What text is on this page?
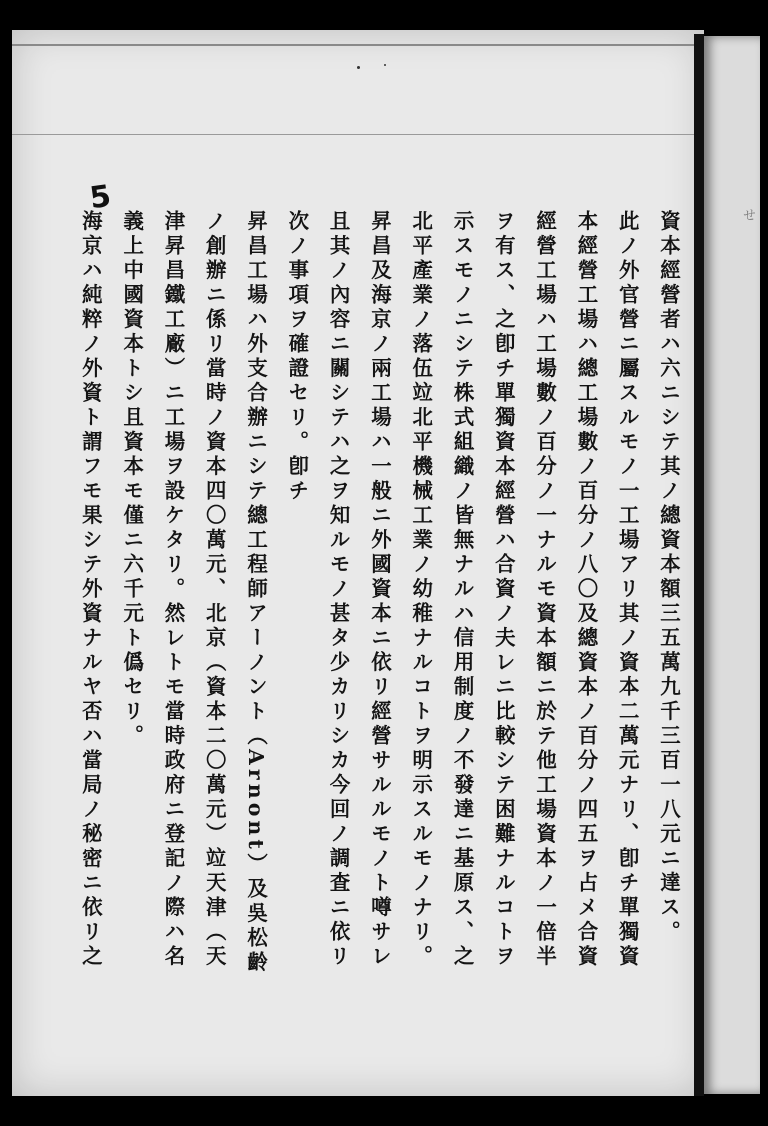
5
資本經營者ハ六ニシテ其ノ總資本額三五萬九千三百一八元ニ達ス。
此ノ外官營ニ屬スルモノ一工場アリ其ノ資本二萬元ナリ、卽チ單獨資
本經營工場ハ總工場數ノ百分ノ八〇及總資本ノ百分ノ四五ヲ占メ合資
經營工場ハ工場數ノ百分ノ一ナルモ資本額ニ於テ他工場資本ノ一倍半
ヲ有ス、之卽チ單獨資本經營ハ合資ノ夫レニ比較シテ困難ナルコトヲ
示スモノニシテ株式組織ノ皆無ナルハ信用制度ノ不發達ニ基原ス、之
北平產業ノ落伍竝北平機械工業ノ幼稚ナルコトヲ明示スルモノナリ。
昇昌及海京ノ兩工場ハ一般ニ外國資本ニ依リ經營サルルモノト噂サレ
且其ノ內容ニ關シテハ之ヲ知ルモノ甚タ少カリシカ今回ノ調査ニ依リ
次ノ事項ヲ確證セリ。卽チ
昇昌工場ハ外支合辦ニシテ總工程師アーノント（Arnont）及吳松齡
ノ創辦ニ係リ當時ノ資本四〇萬元、北京（資本二〇萬元）竝天津（天
津昇昌鐵工廠）ニ工場ヲ設ケタリ。然レトモ當時政府ニ登記ノ際ハ名
義上中國資本トシ且資本モ僅ニ六千元ト僞セリ。
海京ハ純粹ノ外資ト謂フモ果シテ外資ナルヤ否ハ當局ノ秘密ニ依リ之	せ
